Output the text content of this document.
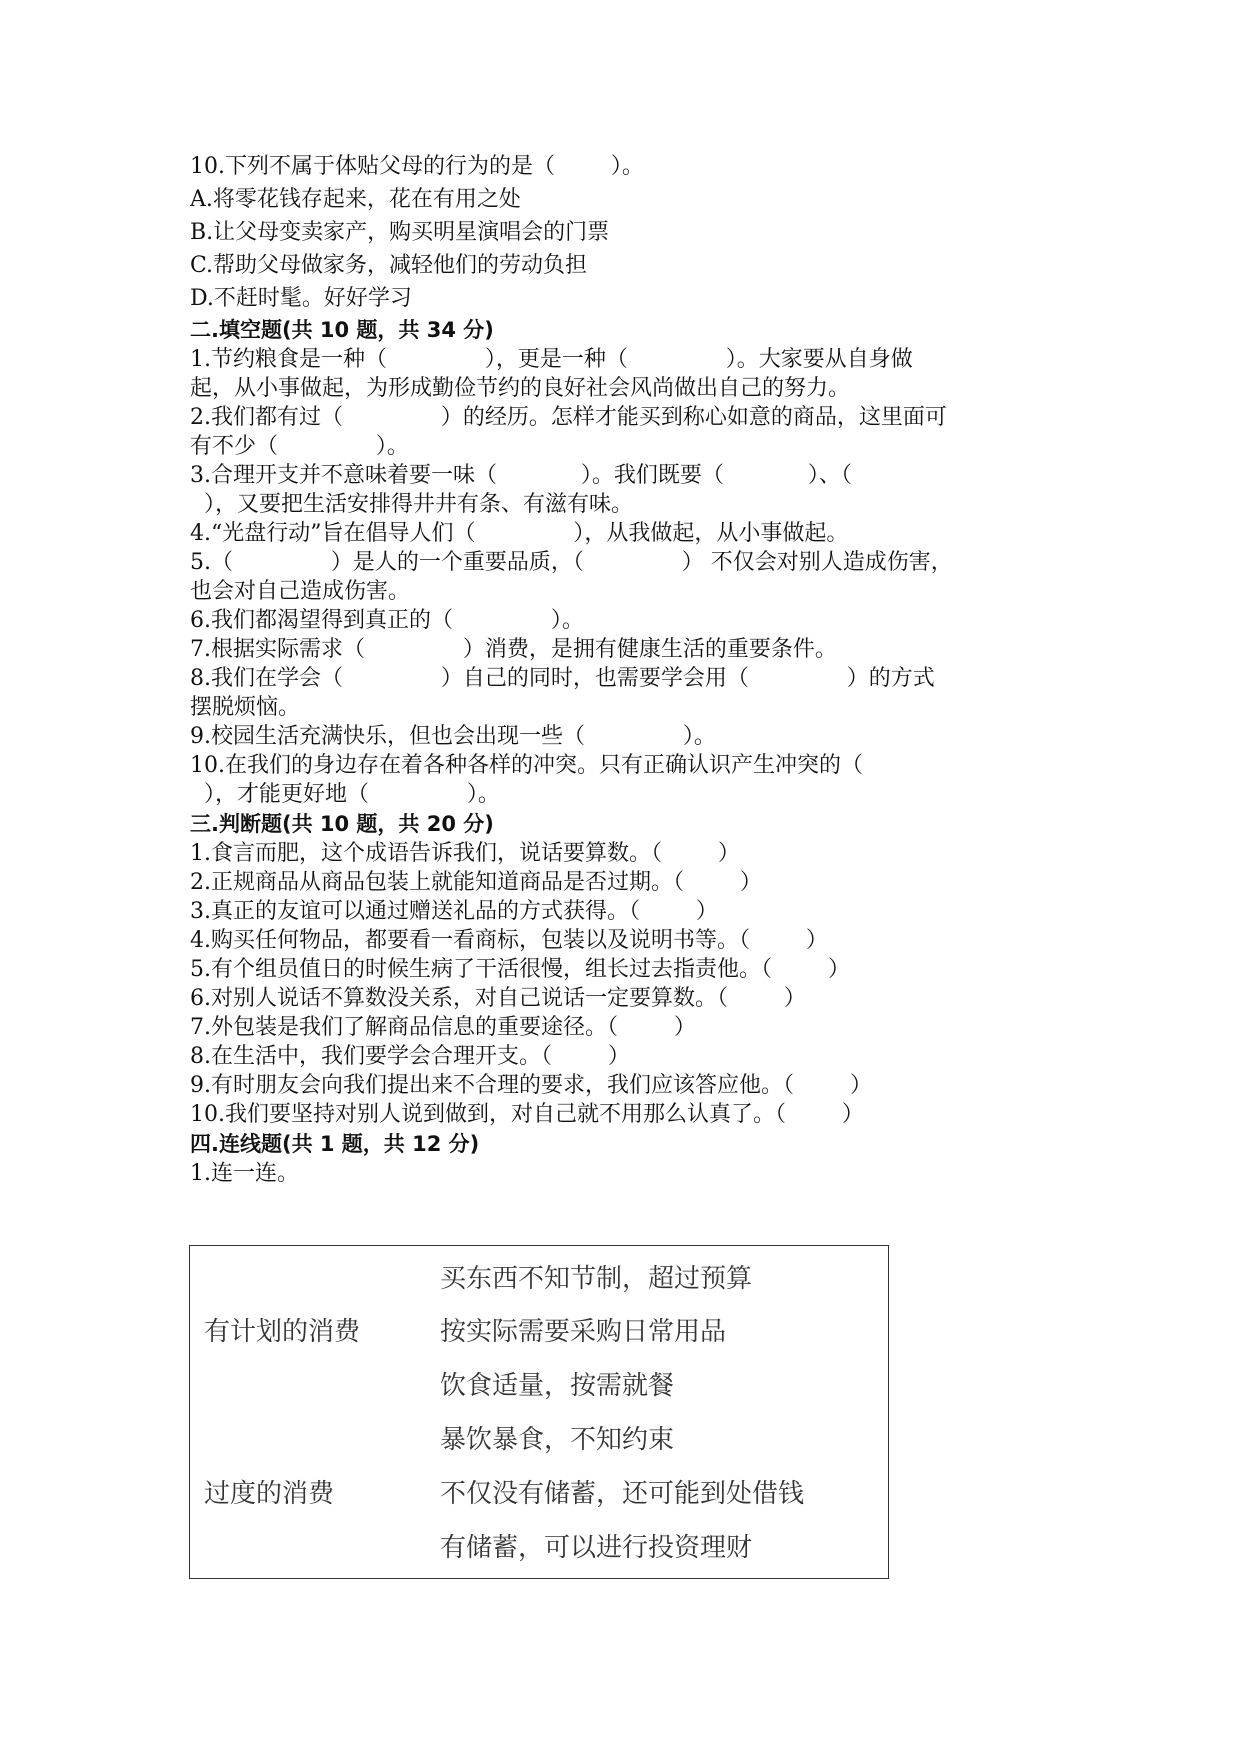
10.下列不属于体贴父母的行为的是（        ）。

A.将零花钱存起来，花在有用之处

B.让父母变卖家产，购买明星演唱会的门票

C.帮助父母做家务，减轻他们的劳动负担

D.不赶时髦。好好学习

二.填空题(共 10 题，共 34 分)

1.节约粮食是一种（              ），更是一种（              ）。大家要从自身做

起，从小事做起，为形成勤俭节约的良好社会风尚做出自己的努力。

2.我们都有过（              ）的经历。怎样才能买到称心如意的商品，这里面可

有不少（              ）。

3.合理开支并不意味着要一味（            ）。我们既要（            ）、（

），又要把生活安排得井井有条、有滋有味。

4.“光盘行动”旨在倡导人们（              ），从我做起，从小事做起。

5.（              ）是人的一个重要品质，（              ） 不仅会对别人造成伤害，

也会对自己造成伤害。

6.我们都渴望得到真正的（              ）。

7.根据实际需求（              ）消费，是拥有健康生活的重要条件。

8.我们在学会（              ）自己的同时，也需要学会用（              ）的方式

摆脱烦恼。

9.校园生活充满快乐，但也会出现一些（              ）。

10.在我们的身边存在着各种各样的冲突。只有正确认识产生冲突的（

），才能更好地（              ）。

三.判断题(共 10 题，共 20 分)

1.食言而肥，这个成语告诉我们，说话要算数。（        ）

2.正规商品从商品包装上就能知道商品是否过期。（        ）

3.真正的友谊可以通过赠送礼品的方式获得。（        ）

4.购买任何物品，都要看一看商标，包装以及说明书等。（        ）

5.有个组员值日的时候生病了干活很慢，组长过去指责他。（        ）

6.对别人说话不算数没关系，对自己说话一定要算数。（        ）

7.外包装是我们了解商品信息的重要途径。（        ）

8.在生活中，我们要学会合理开支。（        ）

9.有时朋友会向我们提出来不合理的要求，我们应该答应他。（        ）

10.我们要坚持对别人说到做到，对自己就不用那么认真了。（        ）

四.连线题(共 1 题，共 12 分)

1.连一连。

有计划的消费
过度的消费
买东西不知节制，超过预算
按实际需要采购日常用品
饮食适量，按需就餐
暴饮暴食，不知约束
不仅没有储蓄，还可能到处借钱
有储蓄，可以进行投资理财
